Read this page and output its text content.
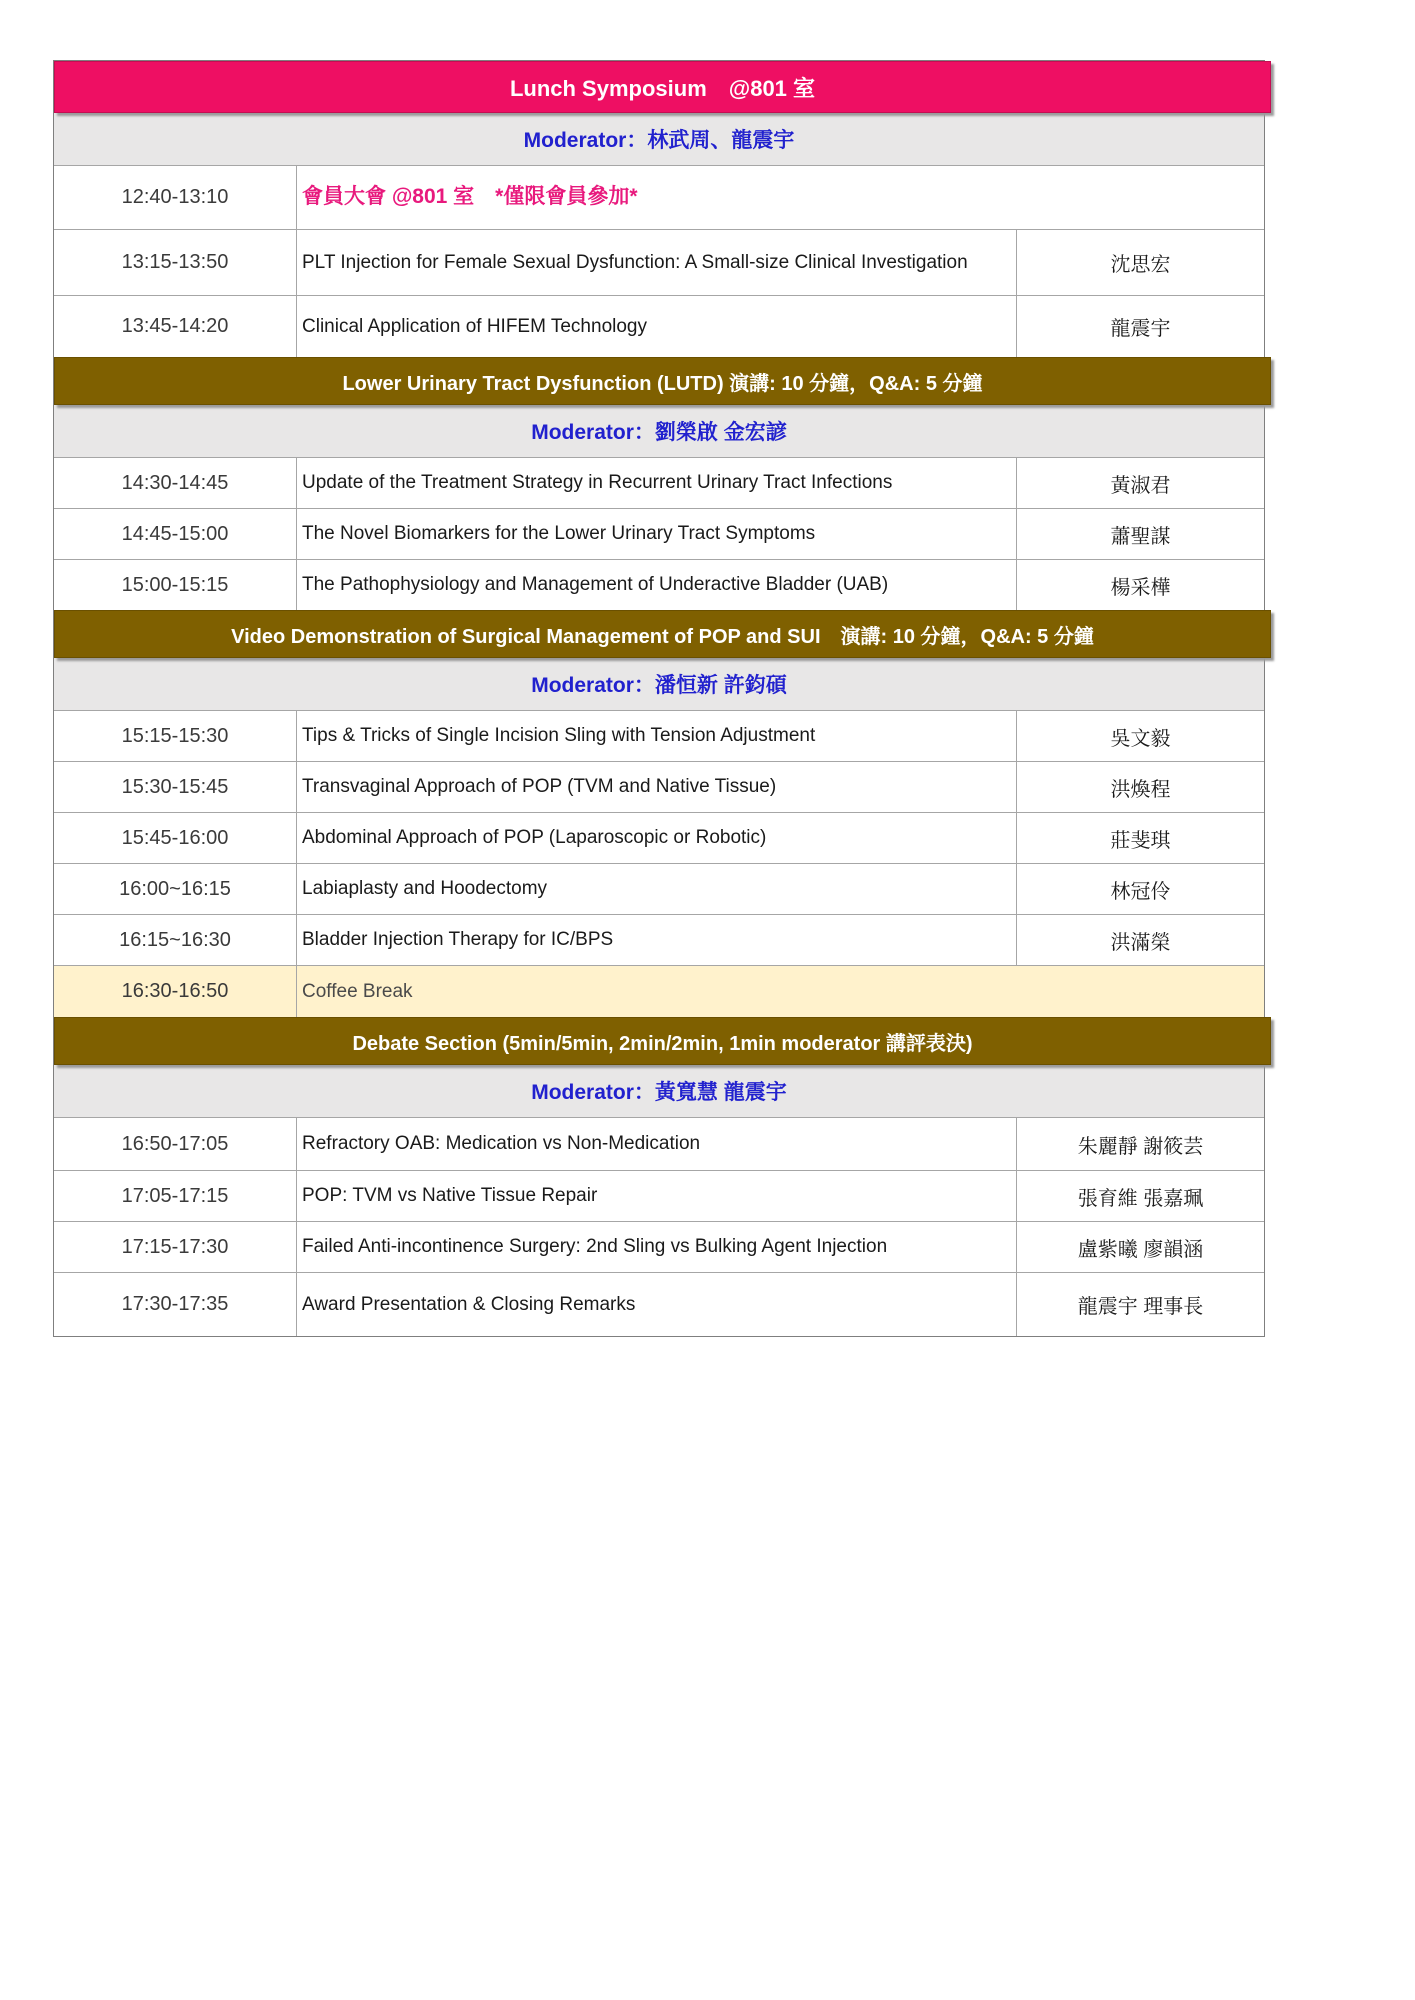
Lunch Symposium　@801 室
Moderator：林武周、龍震宇
12:40-13:10	會員大會 @801 室　*僅限會員參加*
13:15-13:50	PLT Injection for Female Sexual Dysfunction: A Small-size Clinical Investigation	沈思宏
13:45-14:20	Clinical Application of HIFEM Technology	龍震宇
Lower Urinary Tract Dysfunction (LUTD) 演講: 10 分鐘，Q&A: 5 分鐘
Moderator：劉榮啟 金宏諺
14:30-14:45	Update of the Treatment Strategy in Recurrent Urinary Tract Infections	黃淑君
14:45-15:00	The Novel Biomarkers for the Lower Urinary Tract Symptoms	蕭聖謀
15:00-15:15	The Pathophysiology and Management of Underactive Bladder (UAB)	楊采樺
Video Demonstration of Surgical Management of POP and SUI　演講: 10 分鐘，Q&A: 5 分鐘
Moderator：潘恒新 許鈞碩
15:15-15:30	Tips & Tricks of Single Incision Sling with Tension Adjustment	吳文毅
15:30-15:45	Transvaginal Approach of POP (TVM and Native Tissue)	洪煥程
15:45-16:00	Abdominal Approach of POP (Laparoscopic or Robotic)	莊斐琪
16:00~16:15	Labiaplasty and Hoodectomy	林冠伶
16:15~16:30	Bladder Injection Therapy for IC/BPS	洪滿榮
16:30-16:50	Coffee Break
Debate Section (5min/5min, 2min/2min, 1min moderator 講評表決)
Moderator：黃寬慧 龍震宇
16:50-17:05	Refractory OAB: Medication vs Non-Medication	朱麗靜 謝筱芸
17:05-17:15	POP: TVM vs Native Tissue Repair	張育維 張嘉珮
17:15-17:30	Failed Anti-incontinence Surgery: 2nd Sling vs Bulking Agent Injection	盧紫曦 廖韻涵
17:30-17:35	Award Presentation & Closing Remarks	龍震宇 理事長
